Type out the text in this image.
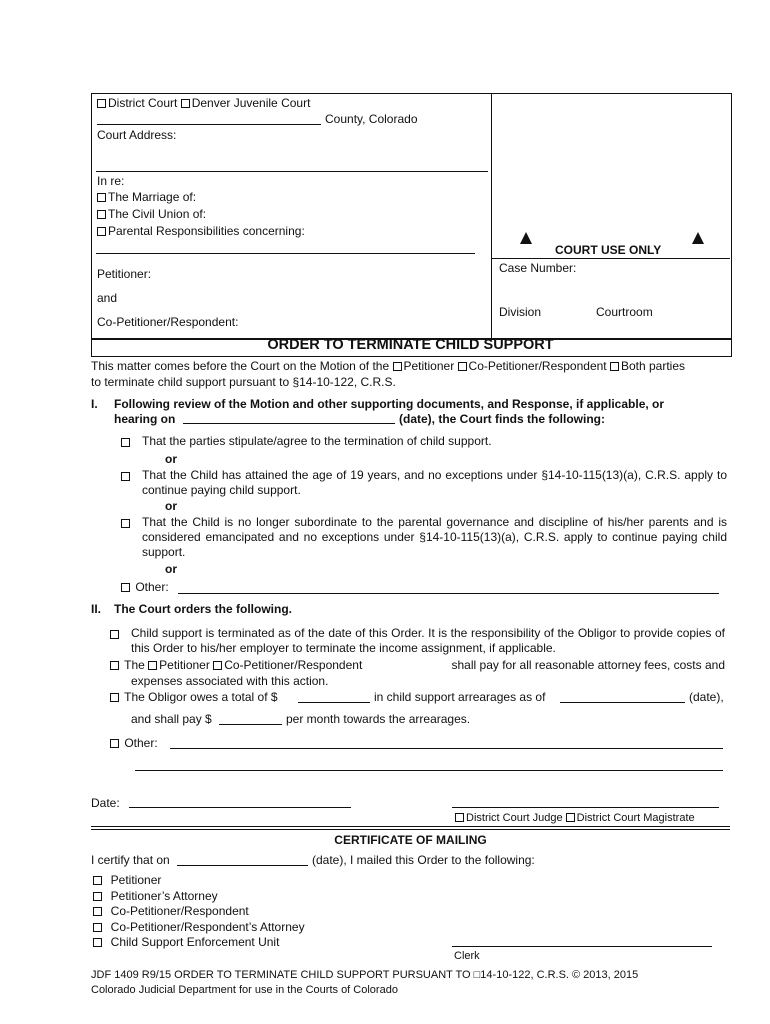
District Court Denver Juvenile Court
County, Colorado
Court Address:
In re:
The Marriage of:
The Civil Union of:
Parental Responsibilities concerning:
Petitioner:
and
Co-Petitioner/Respondent:
COURT USE ONLY
Case Number:
Division	Courtroom
ORDER TO TERMINATE CHILD SUPPORT
This matter comes before the Court on the Motion of the Petitioner Co-Petitioner/Respondent Both parties
to terminate child support pursuant to §14-10-122, C.R.S.
I. Following review of the Motion and other supporting documents, and Response, if applicable, or
hearing on	(date), the Court finds the following:
That the parties stipulate/agree to the termination of child support.
or
That the Child has attained the age of 19 years, and no exceptions under §14-10-115(13)(a), C.R.S. apply to continue paying child support.
or
That the Child is no longer subordinate to the parental governance and discipline of his/her parents and is considered emancipated and no exceptions under §14-10-115(13)(a), C.R.S. apply to continue paying child support.
or
Other:
II. The Court orders the following.
Child support is terminated as of the date of this Order. It is the responsibility of the Obligor to provide copies of this Order to his/her employer to terminate the income assignment, if applicable.
The Petitioner Co-Petitioner/Respondent	shall pay for all reasonable attorney fees, costs and
expenses associated with this action.
The Obligor owes a total of $	in child support arrearages as of	(date),
and shall pay $	per month towards the arrearages.
Other:
Date:
District Court Judge District Court Magistrate
CERTIFICATE OF MAILING
I certify that on	(date), I mailed this Order to the following:
Petitioner
Petitioner’s Attorney
Co-Petitioner/Respondent
Co-Petitioner/Respondent’s Attorney
Child Support Enforcement Unit
Clerk
JDF 1409 R9/15 ORDER TO TERMINATE CHILD SUPPORT PURSUANT TO □14-10-122, C.R.S. © 2013, 2015
Colorado Judicial Department for use in the Courts of Colorado
